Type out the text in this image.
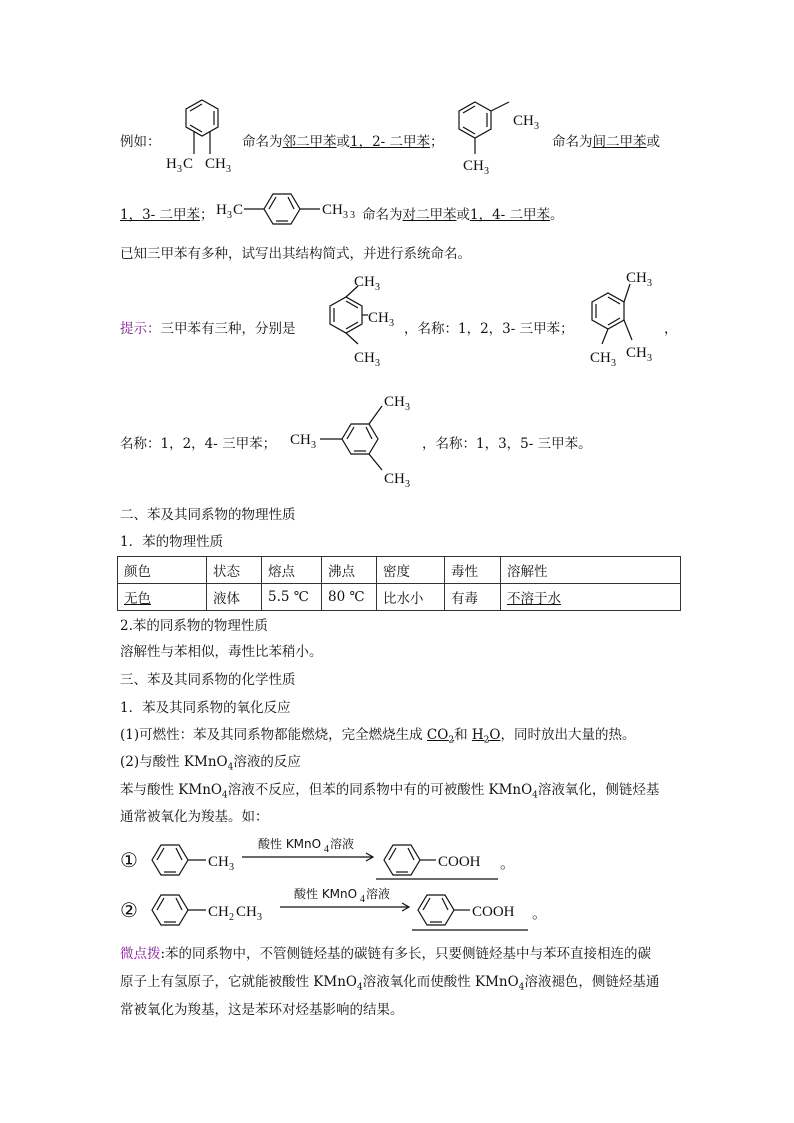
例如：
H 3 C CH 3
命名为邻二甲苯或1，2- 二甲苯；
CH 3
CH 3
命名为间二甲苯或
1，3- 二甲苯； H 3 C	CH 3 3 命名为对二甲苯或1，4- 二甲苯。
已知三甲苯有多种，试写出其结构简式，并进行系统命名。
提示：三甲苯有三种，分别是
CH 3
CH 3
CH 3
，名称：1，2，3- 三甲苯；
CH 3
CH 3
CH 3
，
名称：1，2，4- 三甲苯； CH 3
CH 3
CH 3
，名称：1，3，5- 三甲苯。
二、苯及其同系物的物理性质
1．苯的物理性质
颜色	状态	熔点	沸点	密度	毒性	溶解性
无色	液体	5.5 ℃	80 ℃	比水小	有毒	不溶于水
2.苯的同系物的物理性质
溶解性与苯相似，毒性比苯稍小。
三、苯及其同系物的化学性质
1．苯及其同系物的氧化反应
(1)可燃性：苯及其同系物都能燃烧，完全燃烧生成 $CO_2$和 $H_2O$，同时放出大量的热。
(2)与酸性 KMnO$_4$溶液的反应
苯与酸性 KMnO$_4$溶液不反应，但苯的同系物中有的可被酸性 KMnO$_4$溶液氧化，侧链烃基
通常被氧化为羧基。如：
①	CH 3
酸性 KMnO 4 溶液
COOH 。
②	CH 2 CH 3
酸性 KMnO 4 溶液
COOH 。
微点拨:苯的同系物中，不管侧链烃基的碳链有多长，只要侧链烃基中与苯环直接相连的碳
原子上有氢原子，它就能被酸性 KMnO$_4$溶液氧化而使酸性 KMnO$_4$溶液褪色，侧链烃基通
常被氧化为羧基，这是苯环对烃基影响的结果。
